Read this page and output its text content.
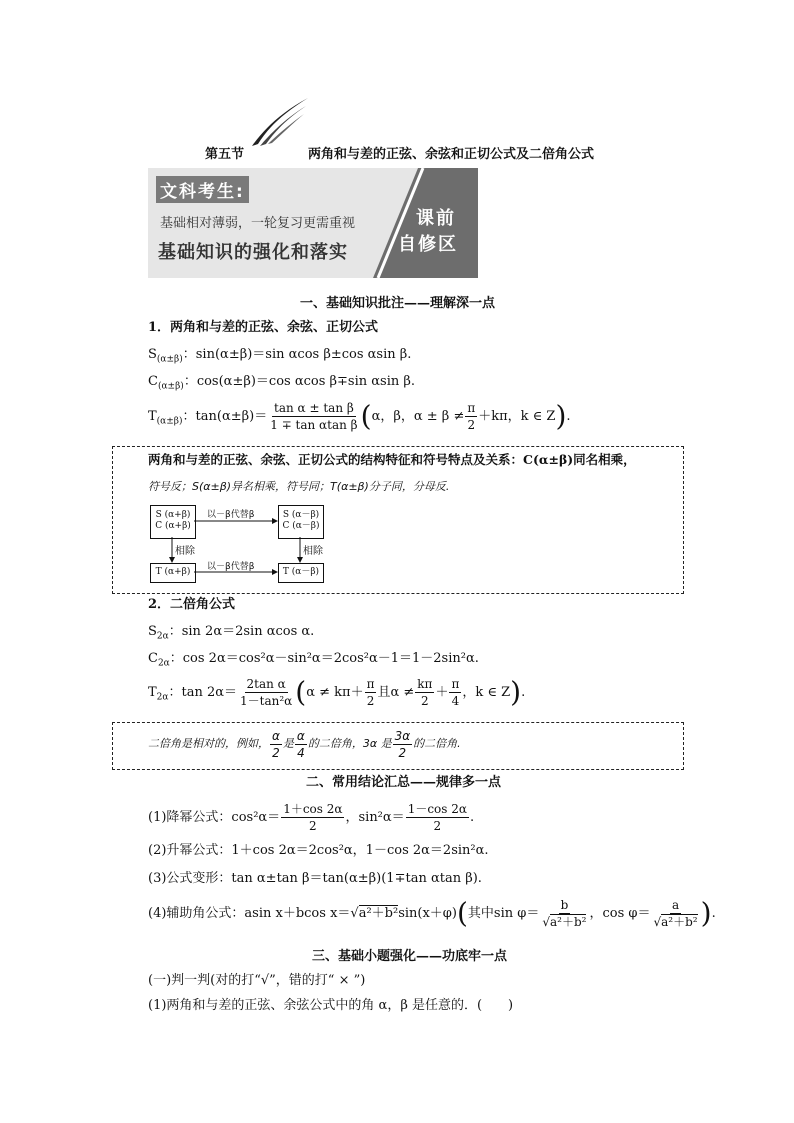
第五节	两角和与差的正弦、余弦和正切公式及二倍角公式
文科考生:
基础相对薄弱，一轮复习更需重视
基础知识的强化和落实
课前
自修区
一、基础知识批注——理解深一点
1．两角和与差的正弦、余弦、正切公式
$S_{(\alpha\pm\beta)}$：sin(α±β)＝sin αcos β±cos αsin β.
$C_{(\alpha\pm\beta)}$：cos(α±β)＝cos αcos β∓sin αsin β.
$T_{(\alpha\pm\beta)}$：$\tan(\alpha\pm\beta)= \frac{\text{tan α ± tan β}}{\text{1 ∓ tan αtan β}} (\alpha$，β，$\alpha \pm \beta \ne \frac{\pi}{2} +k\pi$，k ∈ Z).
两角和与差的正弦、余弦、正切公式的结构特征和符号特点及关系：C(α±β)同名相乘，
符号反；S(α±β)异名相乘，符号同；T(α±β)分子同，分母反.
S (α+β)
C (α+β)
S (α－β)
C (α－β)
T (α+β)	T (α－β)
以－β代替β
以－β代替β
相除	相除
2．二倍角公式
$S_{2\alpha}$：sin 2α＝2sin αcos α.
$C_{2\alpha}$：cos 2α＝cos²α－sin²α＝2cos²α－1＝1－2sin²α.
$T_{2\alpha}$：$\tan 2\alpha= \frac{\text{2tan α}}{\text{1－tan²α}} (\alpha \ne k\pi+ \frac{\pi}{2}$ 且$\alpha \ne \frac{k\pi}{2} + \frac{\pi}{4}$ ，k ∈ Z).
二倍角是相对的，例如， $\frac{\alpha}{2}$ 是 $\frac{\alpha}{4}$ 的二倍角，3α 是 $\frac{3\alpha}{2}$ 的二倍角.
二、常用结论汇总——规律多一点
(1)降幂公式：$\cos^2\alpha= \frac{1+\cos 2\alpha}{2}$ ，$\sin^2\alpha= \frac{1-\cos 2\alpha}{2}$ .
(2)升幂公式：1＋cos 2α＝2cos²α，1－cos 2α＝2sin²α.
(3)公式变形：tan α±tan β＝tan(α±β)(1∓tan αtan β).
(4)辅助角公式：asin x＋bcos x＝√a²＋b²sin(x＋φ)(其中$\sin \varphi= \frac{b}{\text{√a²＋b²}}$ ，$\cos \varphi= \frac{a}{\text{√a²＋b²}}$ ).
三、基础小题强化——功底牢一点
(一)判一判(对的打“√”，错的打“ × ”)
(1)两角和与差的正弦、余弦公式中的角 α，β 是任意的．(　　)
